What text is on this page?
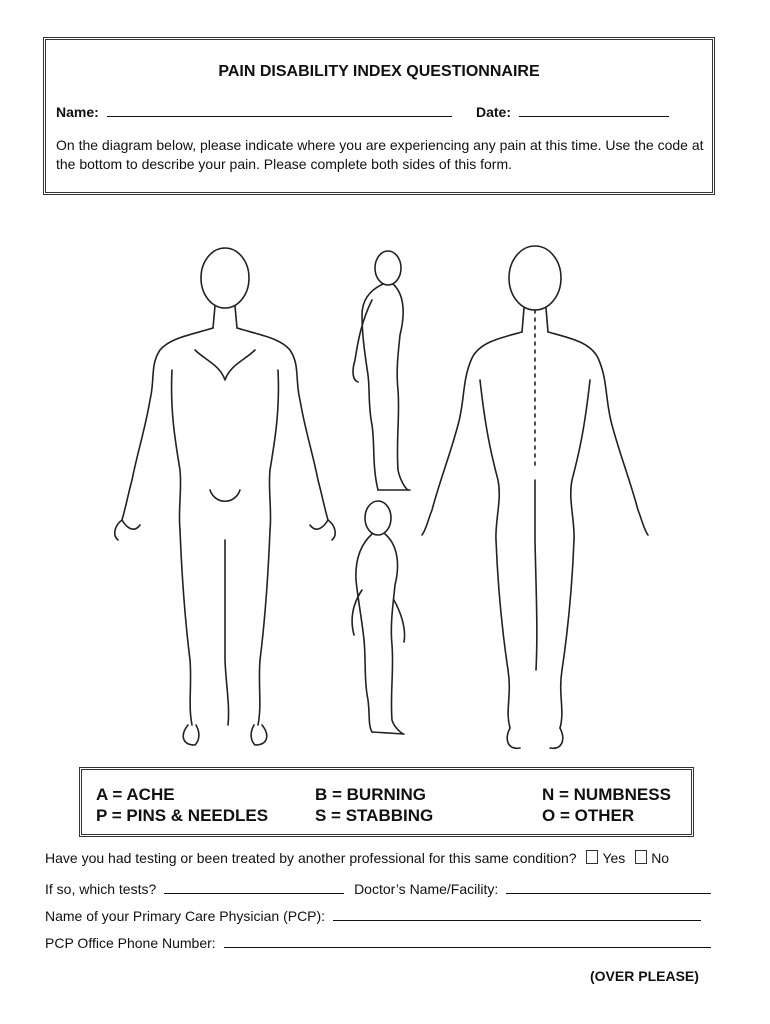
PAIN DISABILITY INDEX QUESTIONNAIRE
Name:	Date:
On the diagram below, please indicate where you are experiencing any pain at this time. Use the code at the bottom to describe your pain. Please complete both sides of this form.
A = ACHE
P = PINS & NEEDLES
B = BURNING
S = STABBING
N = NUMBNESS
O = OTHER
Have you had testing or been treated by another professional for this same condition? Yes No
If so, which tests?	Doctor’s Name/Facility:
Name of your Primary Care Physician (PCP):
PCP Office Phone Number:
(OVER PLEASE)
